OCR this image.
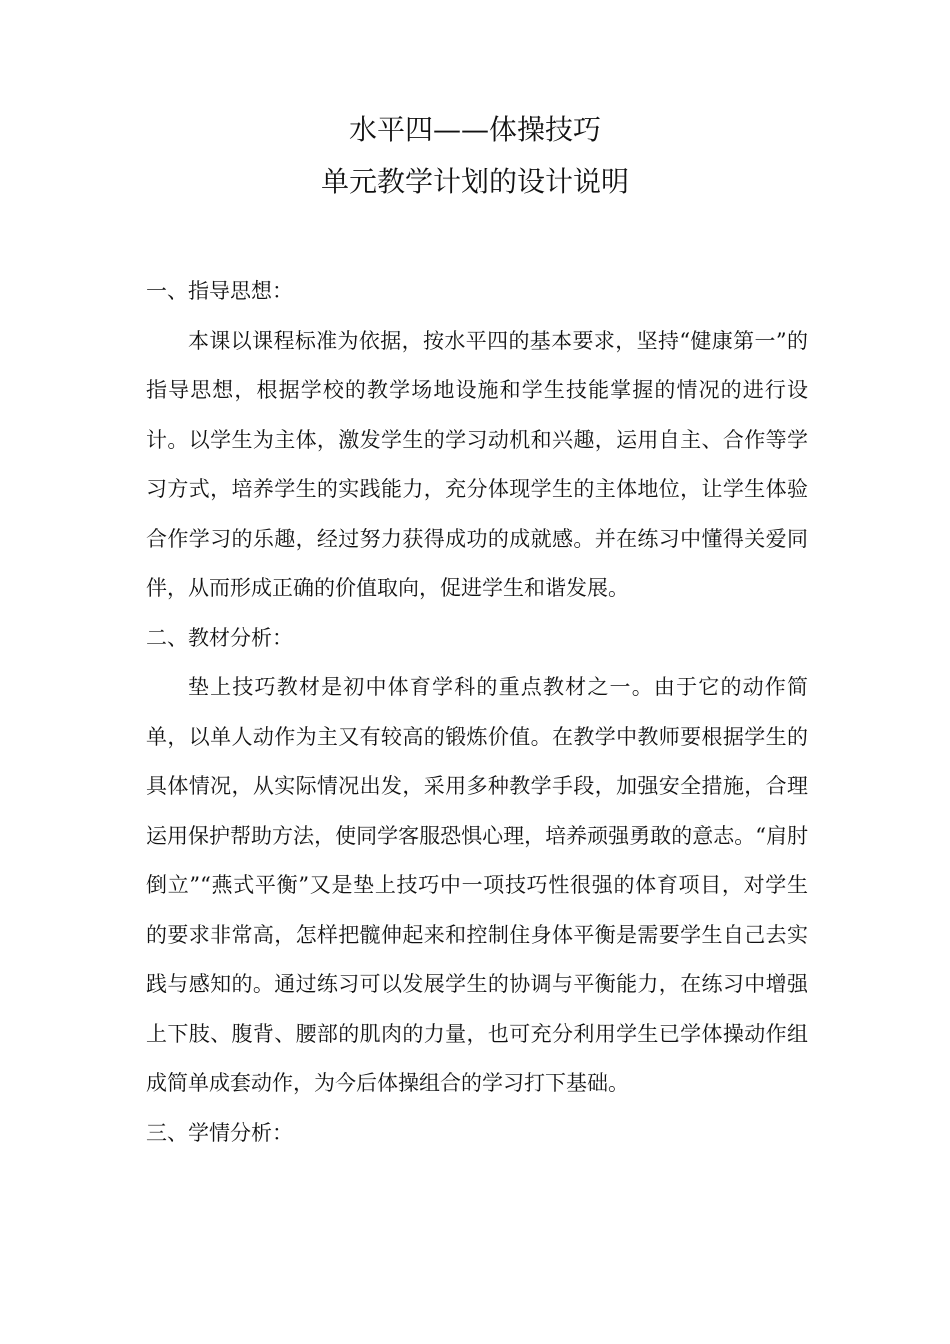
水平四——体操技巧
单元教学计划的设计说明

一、指导思想：

本课以课程标准为依据，按水平四的基本要求，坚持“健康第一”的指导思想，根据学校的教学场地设施和学生技能掌握的情况的进行设计。以学生为主体，激发学生的学习动机和兴趣，运用自主、合作等学习方式，培养学生的实践能力，充分体现学生的主体地位，让学生体验合作学习的乐趣，经过努力获得成功的成就感。并在练习中懂得关爱同伴，从而形成正确的价值取向，促进学生和谐发展。

二、教材分析：

垫上技巧教材是初中体育学科的重点教材之一。由于它的动作简单，以单人动作为主又有较高的锻炼价值。在教学中教师要根据学生的具体情况，从实际情况出发，采用多种教学手段，加强安全措施，合理运用保护帮助方法，使同学客服恐惧心理，培养顽强勇敢的意志。“肩肘倒立”“燕式平衡”又是垫上技巧中一项技巧性很强的体育项目，对学生的要求非常高，怎样把髋伸起来和控制住身体平衡是需要学生自己去实践与感知的。通过练习可以发展学生的协调与平衡能力，在练习中增强上下肢、腹背、腰部的肌肉的力量，也可充分利用学生已学体操动作组成简单成套动作，为今后体操组合的学习打下基础。

三、学情分析：
